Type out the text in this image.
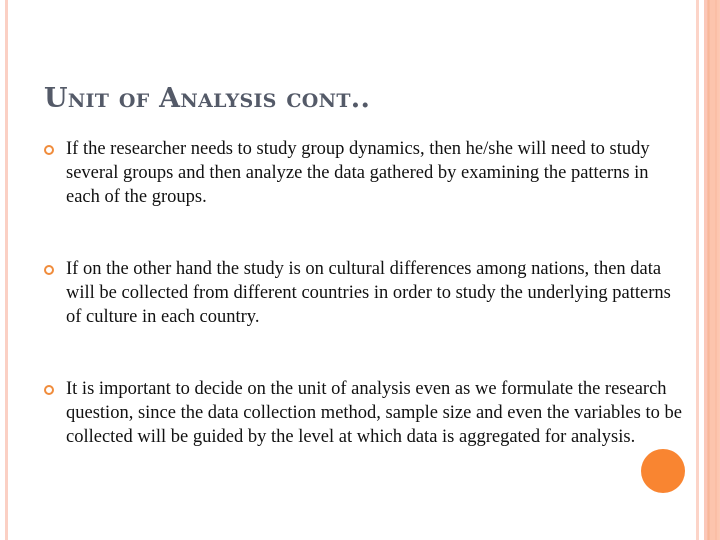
Unit of Analysis cont..
If the researcher needs to study group dynamics, then he/she will need to study several groups and then analyze the data gathered by examining the patterns in each of the groups.
If on the other hand the study is on cultural differences among nations, then data will be collected from different countries in order to study the underlying patterns of culture in each country.
It is important to decide on the unit of analysis even as we formulate the research question, since the data collection method, sample size and even the variables to be collected will be guided by the level at which data is aggregated for analysis.
